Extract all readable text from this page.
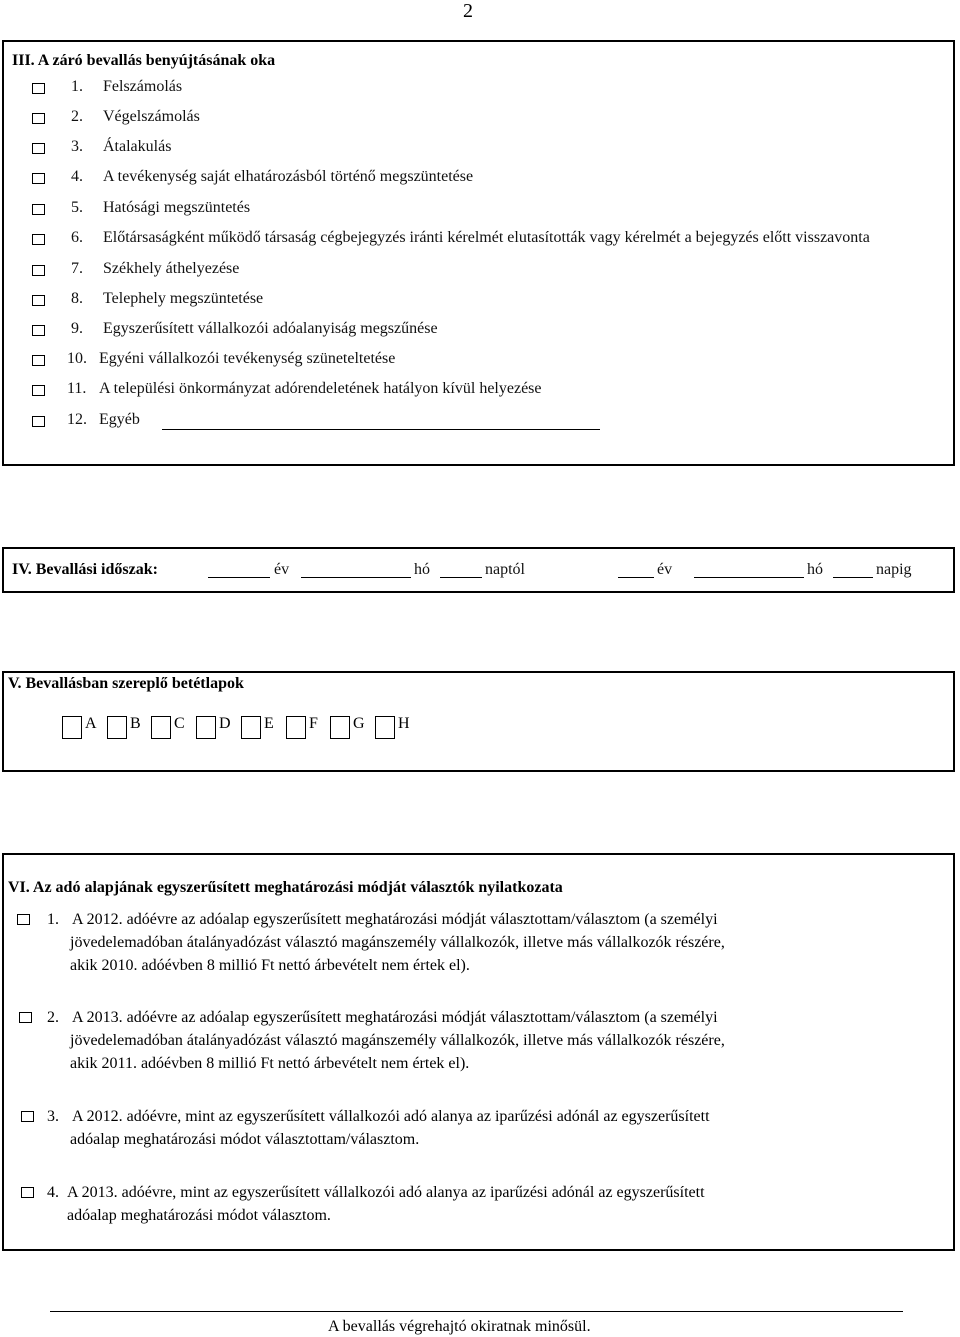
2
III. A záró bevallás benyújtásának oka
1. Felszámolás
2. Végelszámolás
3. Átalakulás
4. A tevékenység saját elhatározásból történő megszüntetése
5. Hatósági megszüntetés
6. Előtársaságként működő társaság cégbejegyzés iránti kérelmét elutasították vagy kérelmét a bejegyzés előtt visszavonta
7. Székhely áthelyezése
8. Telephely megszüntetése
9. Egyszerűsített vállalkozói adóalanyiság megszűnése
10. Egyéni vállalkozói tevékenység szüneteltetése
11. A települési önkormányzat adórendeletének hatályon kívül helyezése
12. Egyéb
IV. Bevallási időszak:	év	hó	naptól	év	hó	napig
V. Bevallásban szereplő betétlapok
A B C D E F G H
VI. Az adó alapjának egyszerűsített meghatározási módját választók nyilatkozata
1. A 2012. adóévre az adóalap egyszerűsített meghatározási módját választottam/választom (a személyi
jövedelemadóban átalányadózást választó magánszemély vállalkozók, illetve más vállalkozók részére,
akik 2010. adóévben 8 millió Ft nettó árbevételt nem értek el).
2. A 2013. adóévre az adóalap egyszerűsített meghatározási módját választottam/választom (a személyi
jövedelemadóban átalányadózást választó magánszemély vállalkozók, illetve más vállalkozók részére,
akik 2011. adóévben 8 millió Ft nettó árbevételt nem értek el).
3. A 2012. adóévre, mint az egyszerűsített vállalkozói adó alanya az iparűzési adónál az egyszerűsített
adóalap meghatározási módot választottam/választom.
4. A 2013. adóévre, mint az egyszerűsített vállalkozói adó alanya az iparűzési adónál az egyszerűsített
adóalap meghatározási módot választom.
A bevallás végrehajtó okiratnak minősül.
